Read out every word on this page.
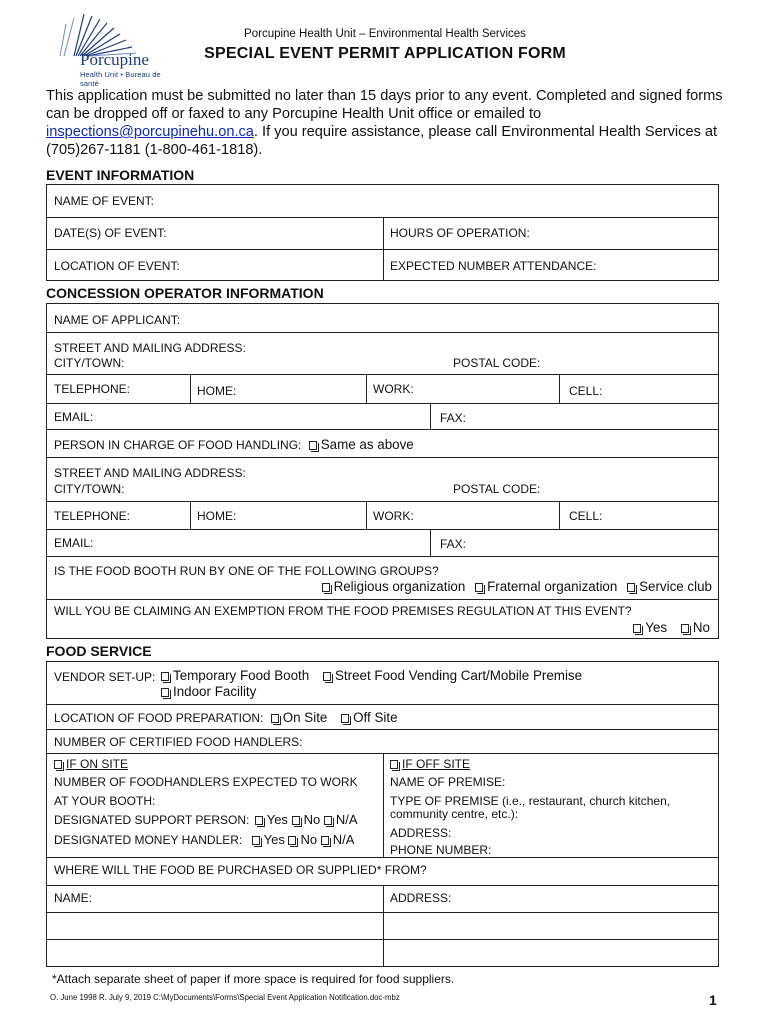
Porcupine
Health Unit • Bureau de santé
Porcupine Health Unit – Environmental Health Services
SPECIAL EVENT PERMIT APPLICATION FORM
This application must be submitted no later than 15 days prior to any event. Completed and signed forms can be dropped off or faxed to any Porcupine Health Unit office or emailed to inspections@porcupinehu.on.ca. If you require assistance, please call Environmental Health Services at (705)267-1181 (1-800-461-1818).
EVENT INFORMATION
NAME OF EVENT:
DATE(S) OF EVENT:	HOURS OF OPERATION:
LOCATION OF EVENT:	EXPECTED NUMBER ATTENDANCE:
CONCESSION OPERATOR INFORMATION
NAME OF APPLICANT:
STREET AND MAILING ADDRESS:
CITY/TOWN:	POSTAL CODE:
TELEPHONE:	HOME:	WORK:	CELL:
EMAIL:	FAX:
PERSON IN CHARGE OF FOOD HANDLING: Same as above
STREET AND MAILING ADDRESS:
CITY/TOWN:	POSTAL CODE:
TELEPHONE:	HOME:	WORK:	CELL:
EMAIL:	FAX:
IS THE FOOD BOOTH RUN BY ONE OF THE FOLLOWING GROUPS?
Religious organization Fraternal organization Service club
WILL YOU BE CLAIMING AN EXEMPTION FROM THE FOOD PREMISES REGULATION AT THIS EVENT?
Yes No
FOOD SERVICE
VENDOR SET-UP:	Temporary Food Booth Street Food Vending Cart/Mobile Premise
Indoor Facility
LOCATION OF FOOD PREPARATION: On Site Off Site
NUMBER OF CERTIFIED FOOD HANDLERS:
IF ON SITE
NUMBER OF FOODHANDLERS EXPECTED TO WORK
AT YOUR BOOTH:
DESIGNATED SUPPORT PERSON: Yes No N/A
DESIGNATED MONEY HANDLER: Yes No N/A
IF OFF SITE
NAME OF PREMISE:
TYPE OF PREMISE (i.e., restaurant, church kitchen,
community centre, etc.):
ADDRESS:
PHONE NUMBER:
WHERE WILL THE FOOD BE PURCHASED OR SUPPLIED* FROM?
NAME:	ADDRESS:
*Attach separate sheet of paper if more space is required for food suppliers.
O. June 1998 R. July 9, 2019 C:\MyDocuments\Forms\Special Event Application Notification.doc-mbz	1
